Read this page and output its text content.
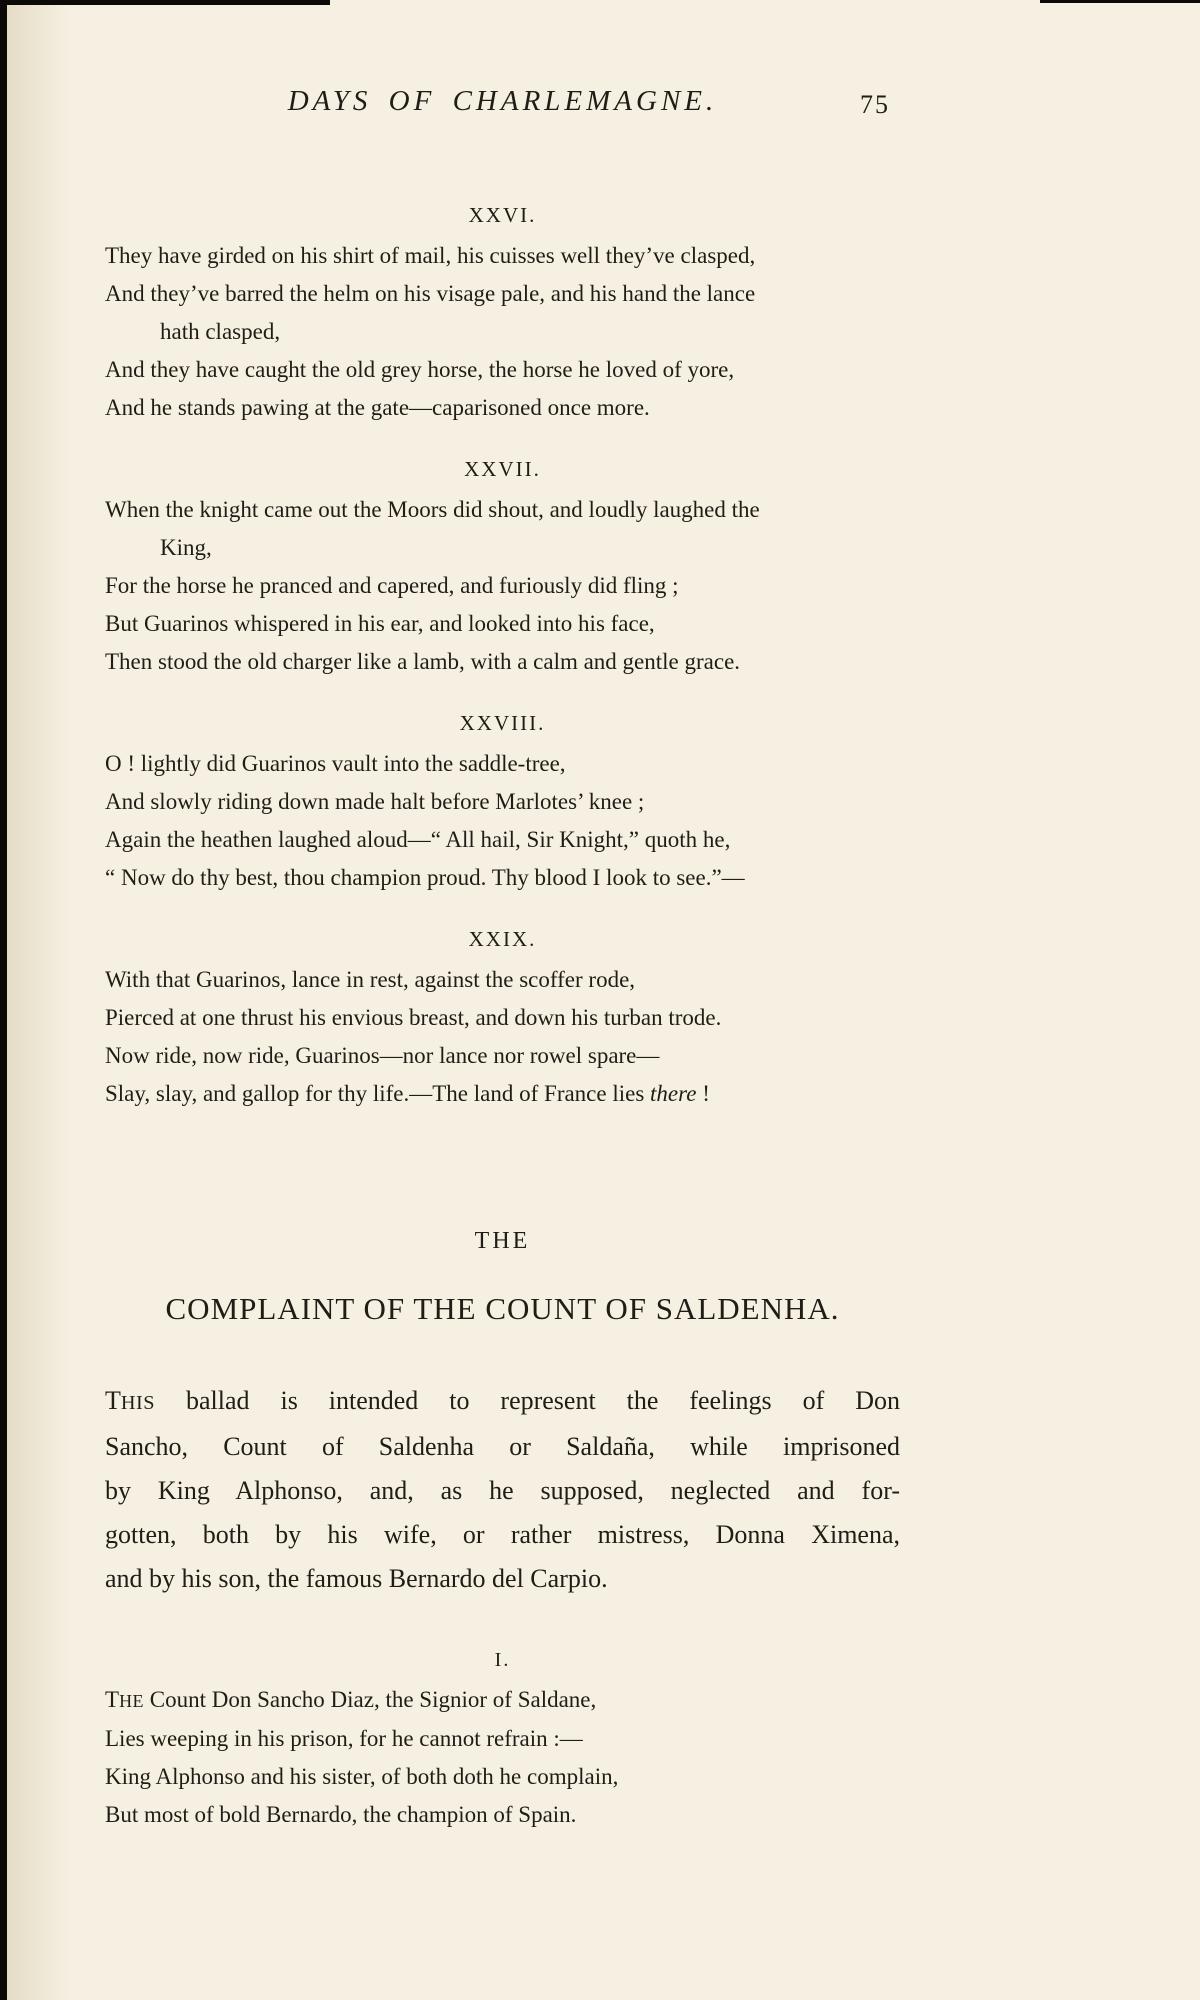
DAYS OF CHARLEMAGNE.	75
XXVI.
They have girded on his shirt of mail, his cuisses well they’ve clasped,
And they’ve barred the helm on his visage pale, and his hand the lance
hath clasped,
And they have caught the old grey horse, the horse he loved of yore,
And he stands pawing at the gate—caparisoned once more.
XXVII.
When the knight came out the Moors did shout, and loudly laughed the
King,
For the horse he pranced and capered, and furiously did fling ;
But Guarinos whispered in his ear, and looked into his face,
Then stood the old charger like a lamb, with a calm and gentle grace.
XXVIII.
O ! lightly did Guarinos vault into the saddle-tree,
And slowly riding down made halt before Marlotes’ knee ;
Again the heathen laughed aloud—“ All hail, Sir Knight,” quoth he,
“ Now do thy best, thou champion proud. Thy blood I look to see.”—
XXIX.
With that Guarinos, lance in rest, against the scoffer rode,
Pierced at one thrust his envious breast, and down his turban trode.
Now ride, now ride, Guarinos—nor lance nor rowel spare—
Slay, slay, and gallop for thy life.—The land of France lies there !
THE
COMPLAINT OF THE COUNT OF SALDENHA.
THIS ballad is intended to represent the feelings of Don
Sancho, Count of Saldenha or Saldaña, while imprisoned
by King Alphonso, and, as he supposed, neglected and for-
gotten, both by his wife, or rather mistress, Donna Ximena,
and by his son, the famous Bernardo del Carpio.
I.
THE Count Don Sancho Diaz, the Signior of Saldane,
Lies weeping in his prison, for he cannot refrain :—
King Alphonso and his sister, of both doth he complain,
But most of bold Bernardo, the champion of Spain.
